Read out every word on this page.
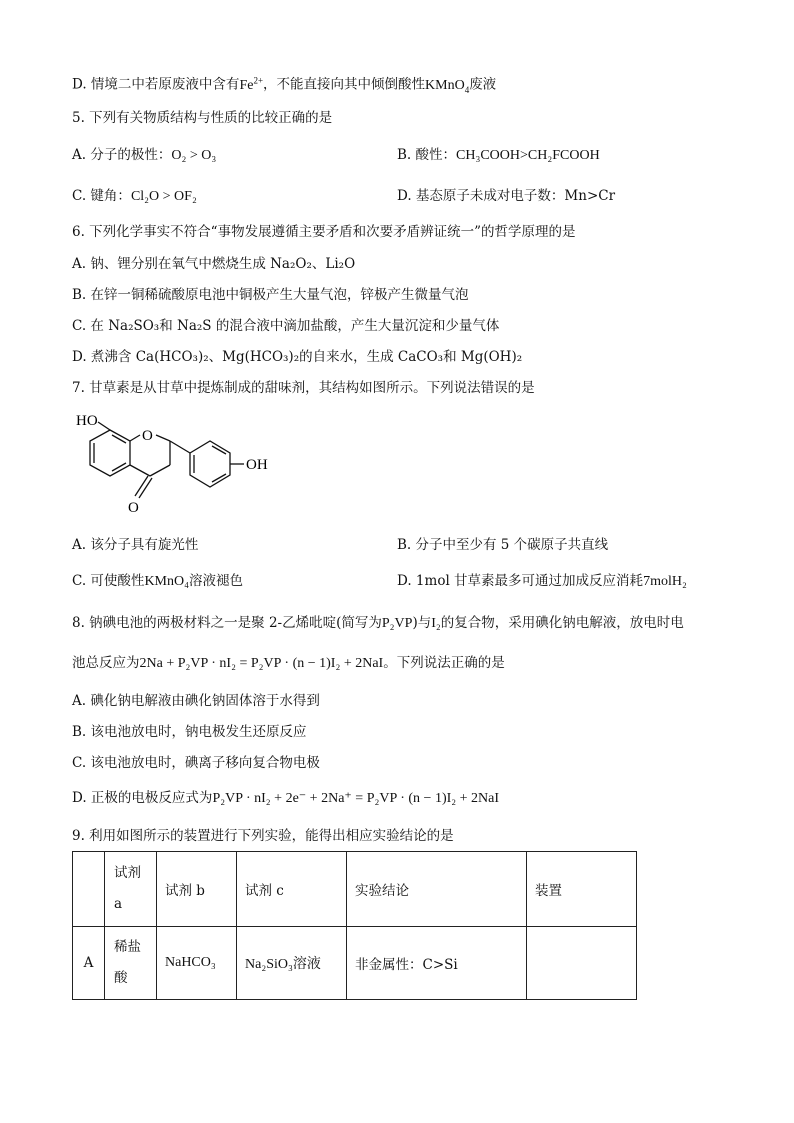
D. 情境二中若原废液中含有$Fe^{2+}$，不能直接向其中倾倒酸性KMnO$_4$废液
5. 下列有关物质结构与性质的比较正确的是
A. 分子的极性：O₂ > O₃	B. 酸性：CH₃COOH>CH₂FCOOH
C. 键角：Cl₂O > OF₂	D. 基态原子未成对电子数：Mn>Cr
6. 下列化学事实不符合“事物发展遵循主要矛盾和次要矛盾辨证统一”的哲学原理的是
A. 钠、锂分别在氧气中燃烧生成 Na₂O₂、Li₂O
B. 在锌一铜稀硫酸原电池中铜极产生大量气泡，锌极产生微量气泡
C. 在 Na₂SO₃和 Na₂S 的混合液中滴加盐酸，产生大量沉淀和少量气体
D. 煮沸含 Ca(HCO₃)₂、Mg(HCO₃)₂的自来水，生成 CaCO₃和 Mg(OH)₂
7. 甘草素是从甘草中提炼制成的甜味剂，其结构如图所示。下列说法错误的是
HO
O
OH
O
A. 该分子具有旋光性	B. 分子中至少有 5 个碳原子共直线
C. 可使酸性KMnO₄溶液褪色	D. 1mol 甘草素最多可通过加成反应消耗7molH₂
8. 钠碘电池的两极材料之一是聚 2-乙烯吡啶(简写为P₂VP)与I₂的复合物，采用碘化钠电解液，放电时电
池总反应为2Na + P₂VP · nI₂ = P₂VP · (n − 1)I₂ + 2NaI。下列说法正确的是
A. 碘化钠电解液由碘化钠固体溶于水得到
B. 该电池放电时，钠电极发生还原反应
C. 该电池放电时，碘离子移向复合物电极
D. 正极的电极反应式为P₂VP · nI₂ + 2e⁻ + 2Na⁺ = P₂VP · (n − 1)I₂ + 2NaI
9. 利用如图所示的装置进行下列实验，能得出相应实验结论的是
	试剂a	试剂 b	试剂 c	实验结论	装置
A	稀盐酸	NaHCO₃	Na₂SiO₃溶液	非金属性：C>Si	
